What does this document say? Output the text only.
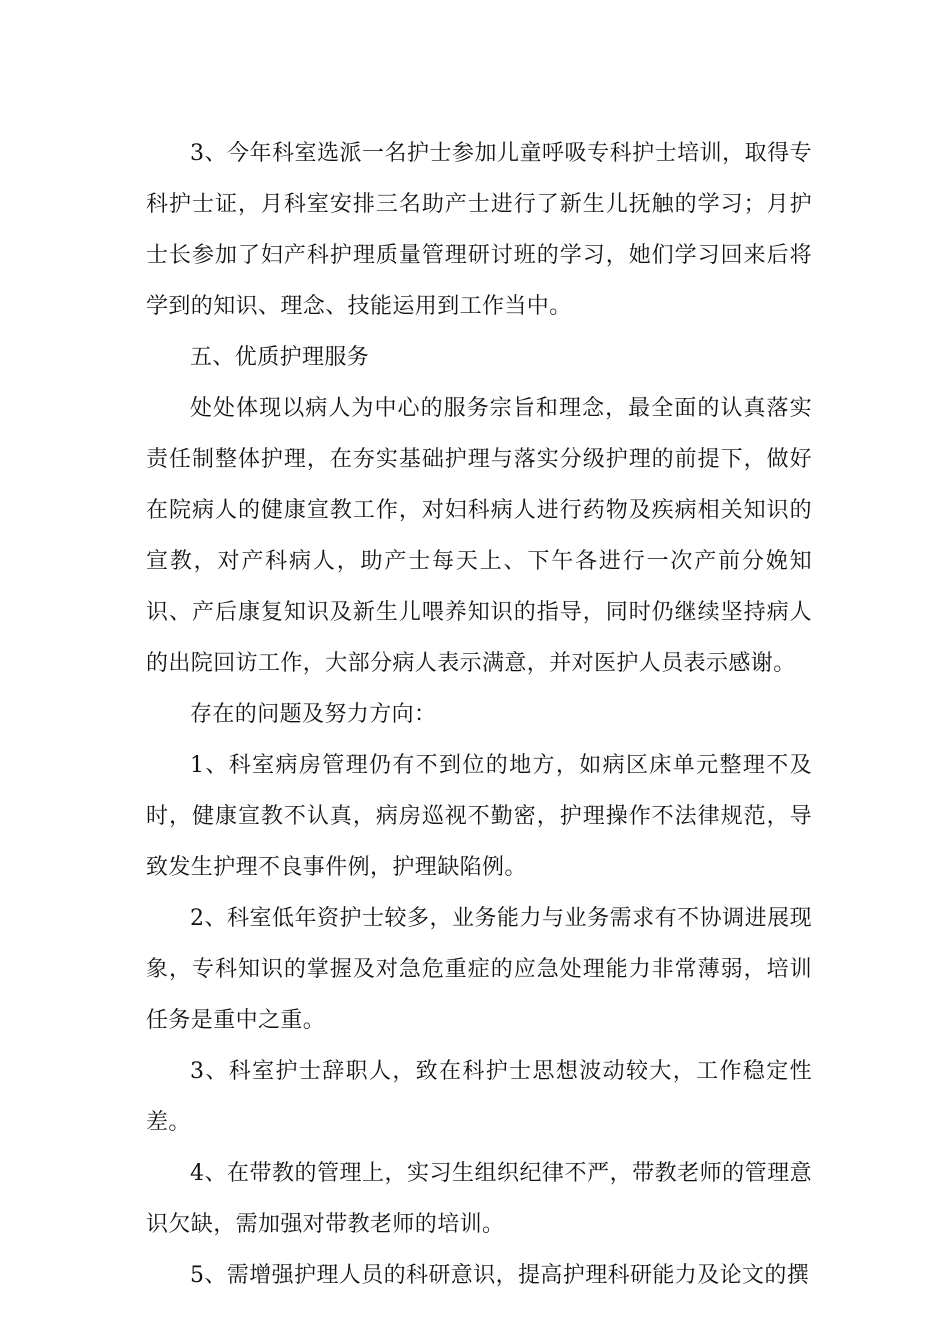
3、今年科室选派一名护士参加儿童呼吸专科护士培训，取得专科护士证，月科室安排三名助产士进行了新生儿抚触的学习；月护士长参加了妇产科护理质量管理研讨班的学习，她们学习回来后将学到的知识、理念、技能运用到工作当中。

五、优质护理服务

处处体现以病人为中心的服务宗旨和理念，最全面的认真落实责任制整体护理，在夯实基础护理与落实分级护理的前提下，做好在院病人的健康宣教工作，对妇科病人进行药物及疾病相关知识的宣教，对产科病人，助产士每天上、下午各进行一次产前分娩知识、产后康复知识及新生儿喂养知识的指导，同时仍继续坚持病人的出院回访工作，大部分病人表示满意，并对医护人员表示感谢。

存在的问题及努力方向：

1、科室病房管理仍有不到位的地方，如病区床单元整理不及时，健康宣教不认真，病房巡视不勤密，护理操作不法律规范，导致发生护理不良事件例，护理缺陷例。

2、科室低年资护士较多，业务能力与业务需求有不协调进展现象，专科知识的掌握及对急危重症的应急处理能力非常薄弱，培训任务是重中之重。

3、科室护士辞职人，致在科护士思想波动较大，工作稳定性差。

4、在带教的管理上，实习生组织纪律不严，带教老师的管理意识欠缺，需加强对带教老师的培训。

5、需增强护理人员的科研意识，提高护理科研能力及论文的撰
